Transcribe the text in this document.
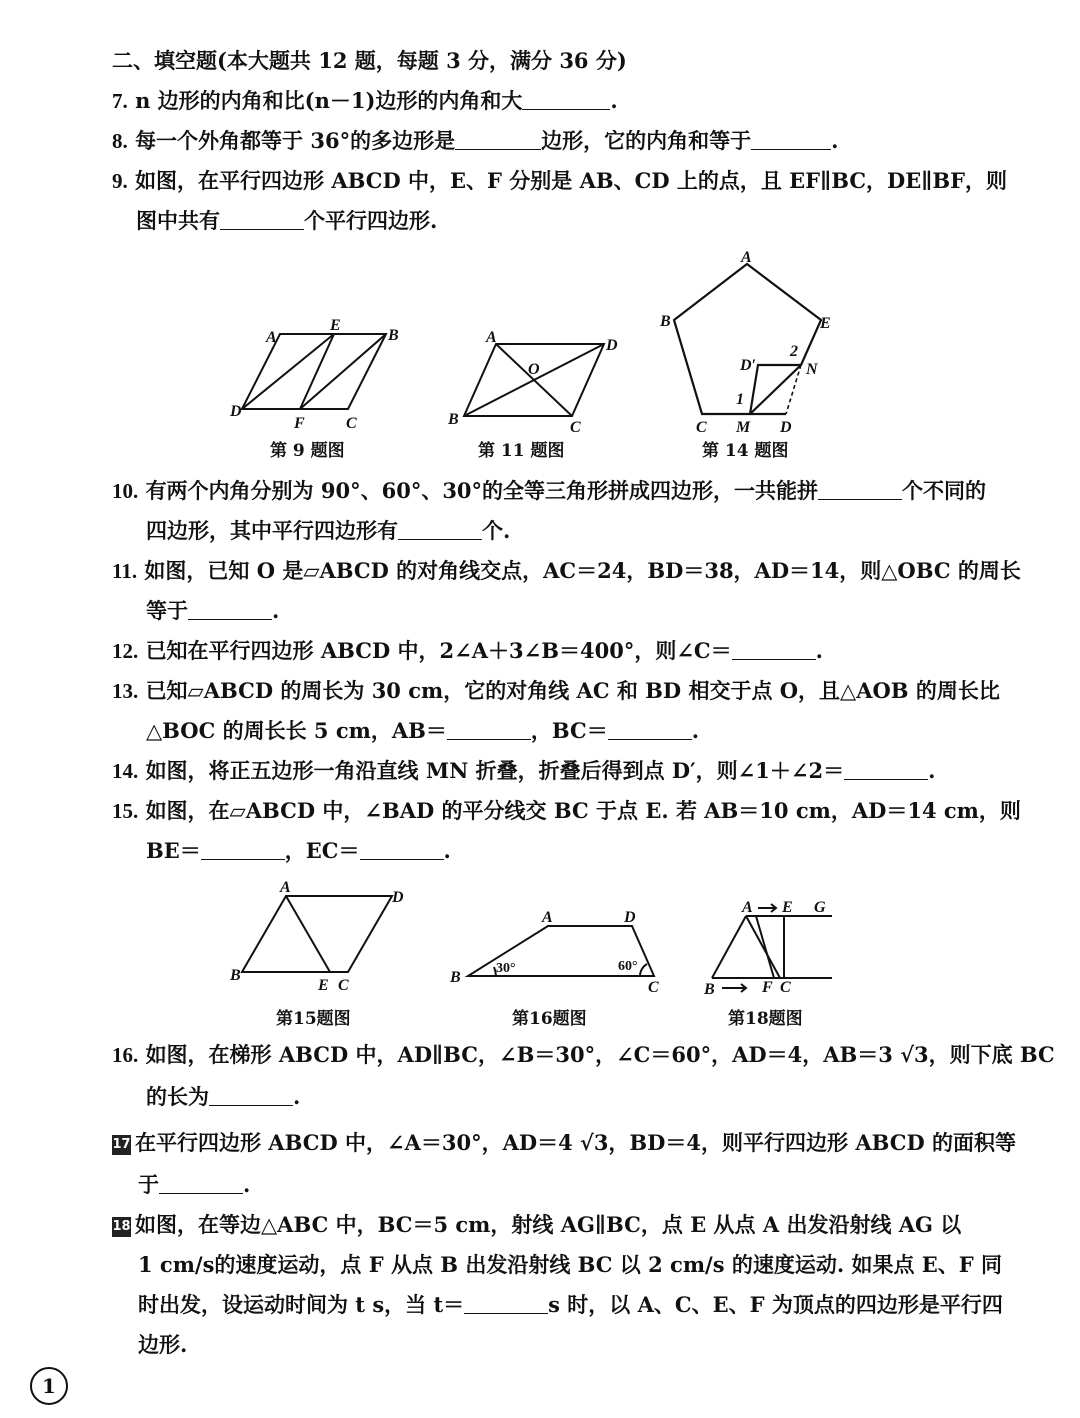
二、填空题(本大题共 12 题，每题 3 分，满分 36 分)
7. n 边形的内角和比(n－1)边形的内角和大	.
8. 每一个外角都等于 36°的多边形是	边形，它的内角和等于	.
9. 如图，在平行四边形 ABCD 中，E、F 分别是 AB、CD 上的点，且 EF∥BC，DE∥BF，则
图中共有	个平行四边形.
A
E
B
D
F	C
第 9 题图
A	D
O
B	C
第 11 题图
A
B	E
D′
2
N
1
C M D
第 14 题图
10. 有两个内角分别为 90°、60°、30°的全等三角形拼成四边形，一共能拼	个不同的
四边形，其中平行四边形有	个.
11. 如图，已知 O 是▱ABCD 的对角线交点，AC＝24，BD＝38，AD＝14，则△OBC 的周长
等于	.
12. 已知在平行四边形 ABCD 中，2∠A＋3∠B＝400°，则∠C＝	.
13. 已知▱ABCD 的周长为 30 cm，它的对角线 AC 和 BD 相交于点 O，且△AOB 的周长比
△BOC 的周长长 5 cm，AB＝	，BC＝	.
14. 如图，将正五边形一角沿直线 MN 折叠，折叠后得到点 D′，则∠1＋∠2＝	.
15. 如图，在▱ABCD 中，∠BAD 的平分线交 BC 于点 E. 若 AB＝10 cm，AD＝14 cm，则
BE＝	，EC＝	.
A
D
B
E C
第15题图
A	D
B
C
30°	60°
第16题图
A E G
B	F C
第18题图
16. 如图，在梯形 ABCD 中，AD∥BC，∠B＝30°，∠C＝60°，AD＝4，AB＝3 √3，则下底 BC
的长为	.
17 在平行四边形 ABCD 中，∠A＝30°，AD＝4 √3，BD＝4，则平行四边形 ABCD 的面积等
于	.
18 如图，在等边△ABC 中，BC＝5 cm，射线 AG∥BC，点 E 从点 A 出发沿射线 AG 以
1 cm/s的速度运动，点 F 从点 B 出发沿射线 BC 以 2 cm/s 的速度运动. 如果点 E、F 同
时出发，设运动时间为 t s，当 t＝	s 时，以 A、C、E、F 为顶点的四边形是平行四
边形.
1
